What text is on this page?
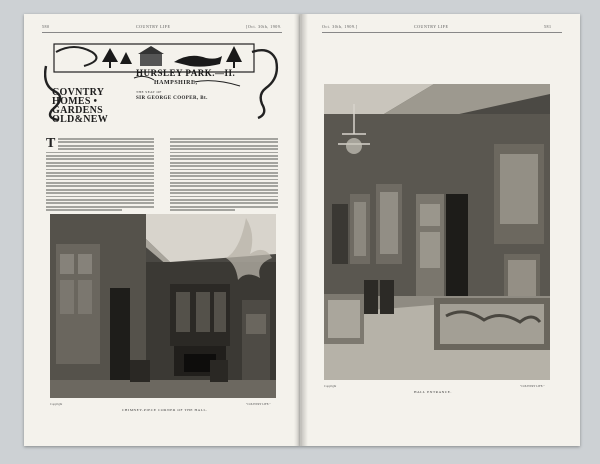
580	COUNTRY LIFE	[Oct. 30th, 1909.
COVNTRY
HOMES •
GARDENS
OLD&NEW
HURSLEY PARK.—II.
HAMPSHIRE,
THE SEAT OF
SIR GEORGE COOPER, Bt.
T
Copyright	"COUNTRY LIFE."
CHIMNEY-PIECE CORNER OF THE HALL.
Oct. 30th, 1909.]	COUNTRY LIFE	581
Copyright	"COUNTRY LIFE."
HALL ENTRANCE.
